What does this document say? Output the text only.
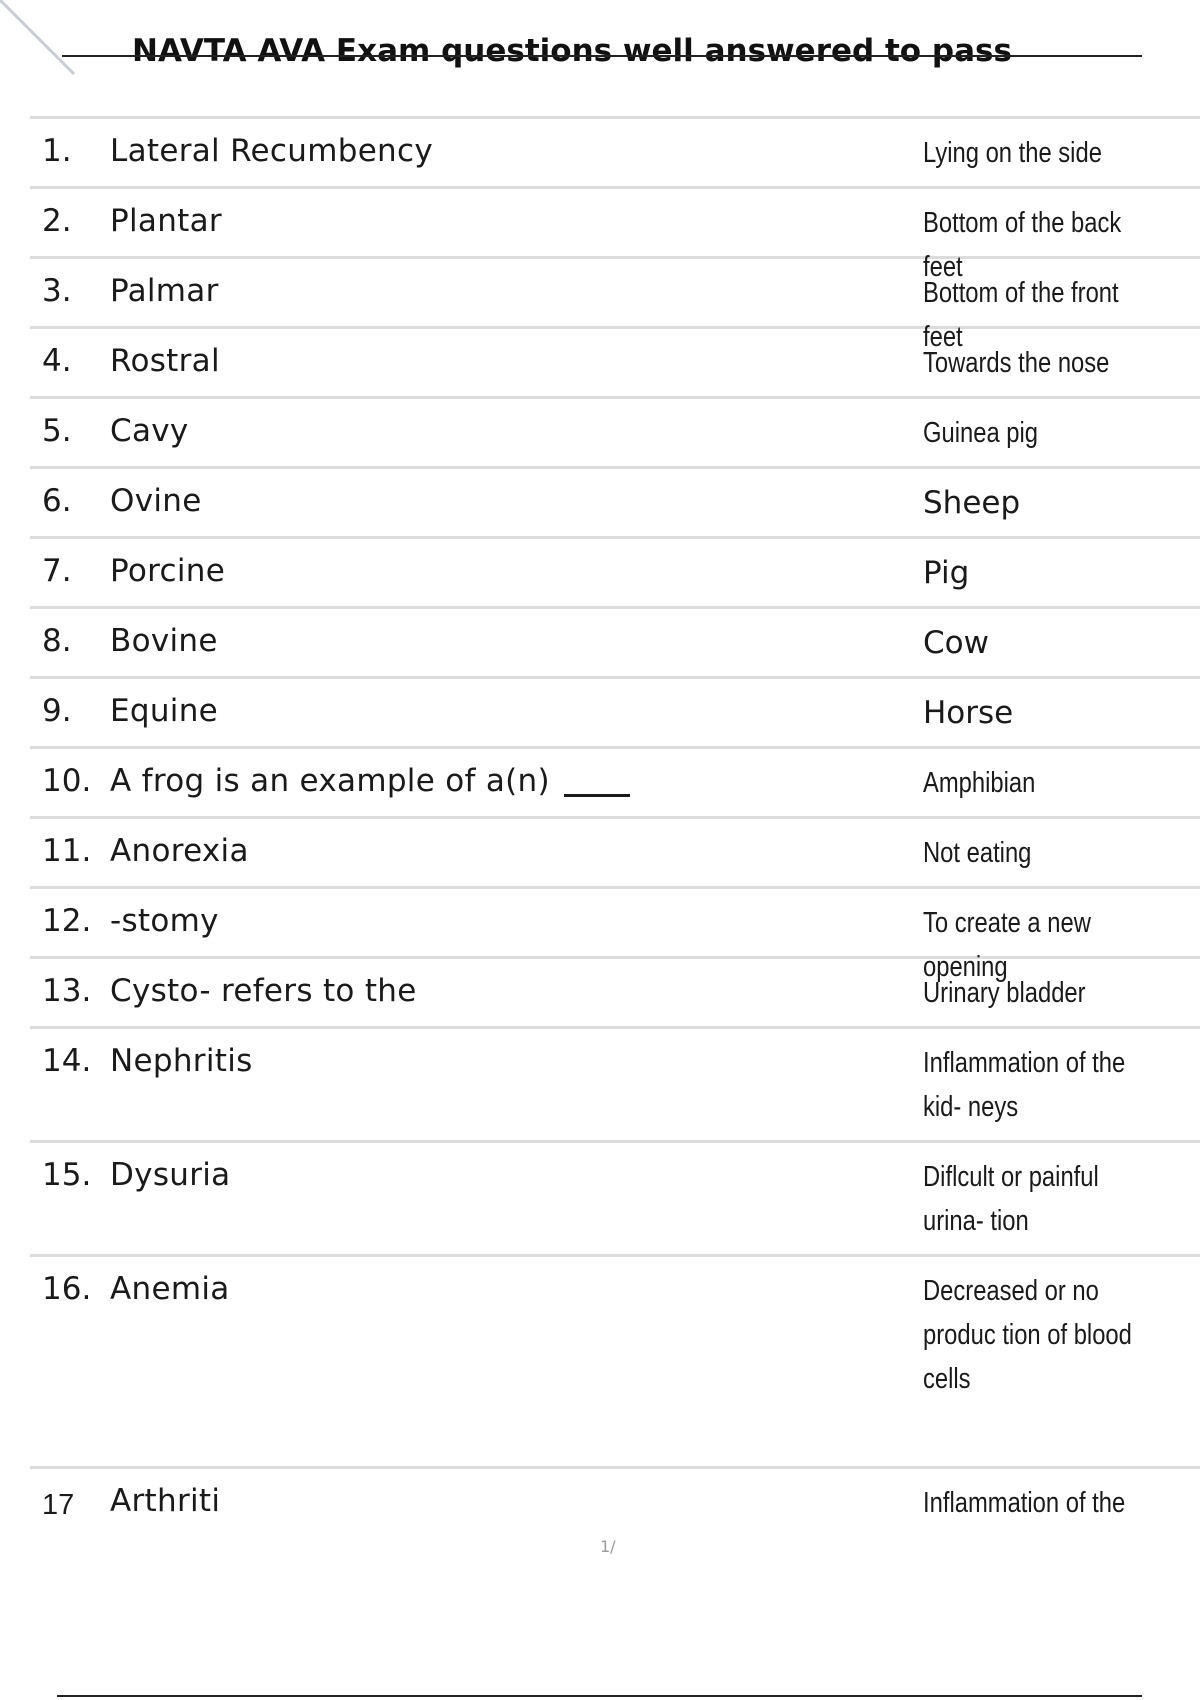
NAVTA AVA Exam questions well answered to pass
1. Lateral Recumbency	Lying on the side
2. Plantar	Bottom of the back feet
3. Palmar	Bottom of the front feet
4. Rostral	Towards the nose
5. Cavy	Guinea pig
6. Ovine	Sheep
7. Porcine	Pig
8. Bovine	Cow
9. Equine	Horse
10. A frog is an example of a(n)	Amphibian
11. Anorexia	Not eating
12. -stomy	To create a new opening
13. Cysto- refers to the	Urinary bladder
14. Nephritis	Inflammation of the kid- neys
15. Dysuria	Diflcult or painful urina- tion
16. Anemia	Decreased or no produc tion of blood cells
17 Arthriti	Inflammation of the
1/
